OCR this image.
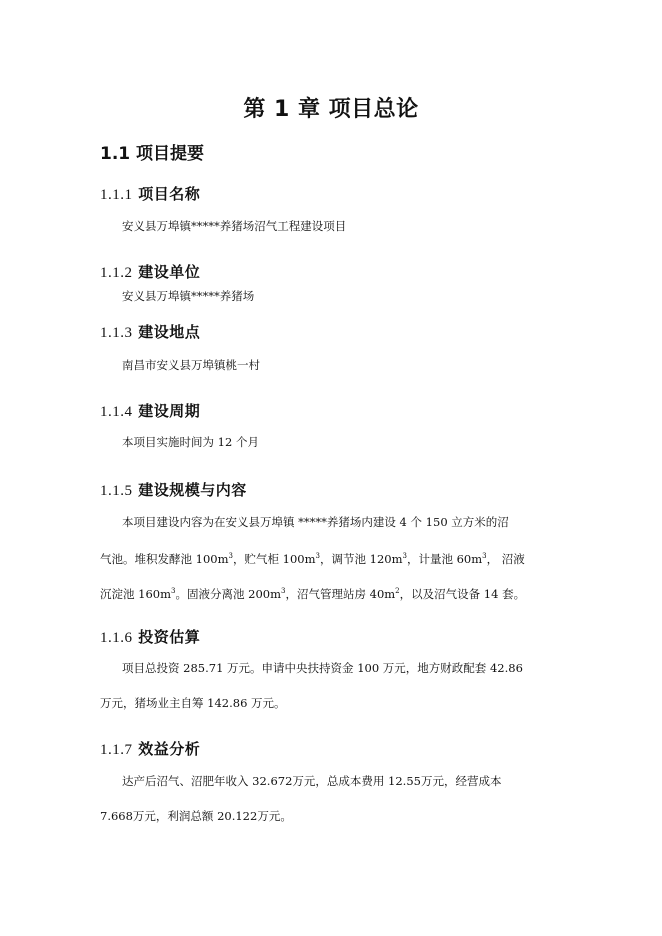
第 1 章 项目总论
1.1 项目提要
1.1.1 项目名称
安义县万埠镇*****养猪场沼气工程建设项目
1.1.2 建设单位
安义县万埠镇*****养猪场
1.1.3 建设地点
南昌市安义县万埠镇桃一村
1.1.4 建设周期
本项目实施时间为 12 个月
1.1.5 建设规模与内容
本项目建设内容为在安义县万埠镇 *****养猪场内建设 4 个 150 立方米的沼
气池。堆积发酵池 $100m^3$，贮气柜 $100m^3$，调节池 $120m^3$，计量池 $60m^3$， 沼液
沉淀池 $160m^3$。固液分离池 $200m^3$，沼气管理站房 $40m^2$，以及沼气设备 14 套。
1.1.6 投资估算
项目总投资 285.71 万元。申请中央扶持资金 100 万元，地方财政配套 42.86
万元，猪场业主自筹 142.86 万元。
1.1.7 效益分析
达产后沼气、沼肥年收入 32.672万元，总成本费用 12.55万元，经营成本
7.668万元，利润总额 20.122万元。
